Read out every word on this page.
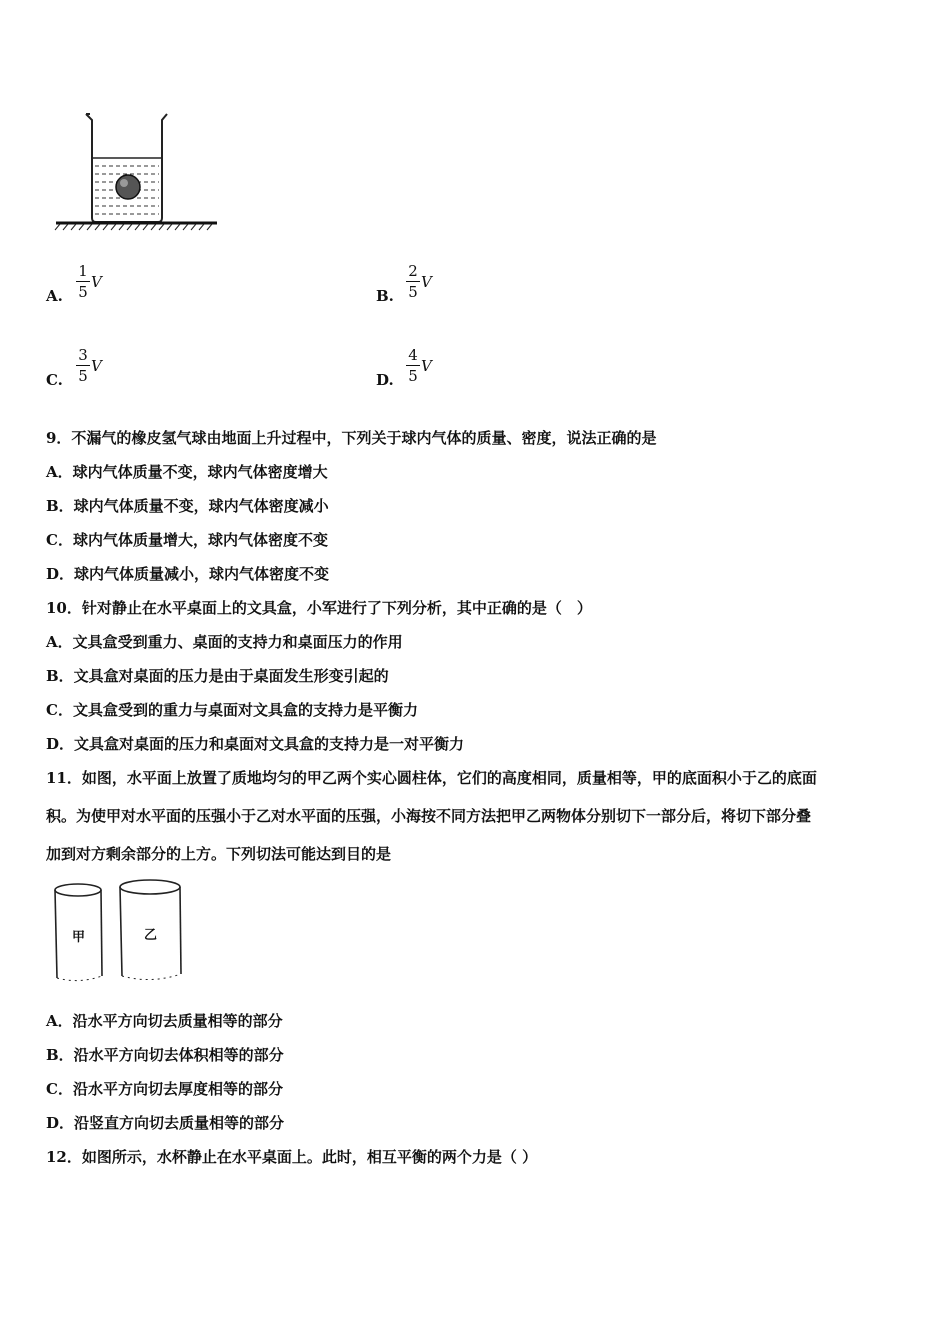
A.
1
5
V
B.
2
5
V
C.
3
5
V
D.
4
5
V
9．不漏气的橡皮氢气球由地面上升过程中，下列关于球内气体的质量、密度，说法正确的是
A．球内气体质量不变，球内气体密度增大
B．球内气体质量不变，球内气体密度减小
C．球内气体质量增大，球内气体密度不变
D．球内气体质量减小，球内气体密度不变
10．针对静止在水平桌面上的文具盒，小军进行了下列分析，其中正确的是（　）
A．文具盒受到重力、桌面的支持力和桌面压力的作用
B．文具盒对桌面的压力是由于桌面发生形变引起的
C．文具盒受到的重力与桌面对文具盒的支持力是平衡力
D．文具盒对桌面的压力和桌面对文具盒的支持力是一对平衡力
11．如图，水平面上放置了质地均匀的甲乙两个实心圆柱体，它们的高度相同，质量相等，甲的底面积小于乙的底面
积。为使甲对水平面的压强小于乙对水平面的压强，小海按不同方法把甲乙两物体分别切下一部分后，将切下部分叠
加到对方剩余部分的上方。下列切法可能达到目的是
甲	乙
A．沿水平方向切去质量相等的部分
B．沿水平方向切去体积相等的部分
C．沿水平方向切去厚度相等的部分
D．沿竖直方向切去质量相等的部分
12．如图所示，水杯静止在水平桌面上。此时，相互平衡的两个力是（ ）
